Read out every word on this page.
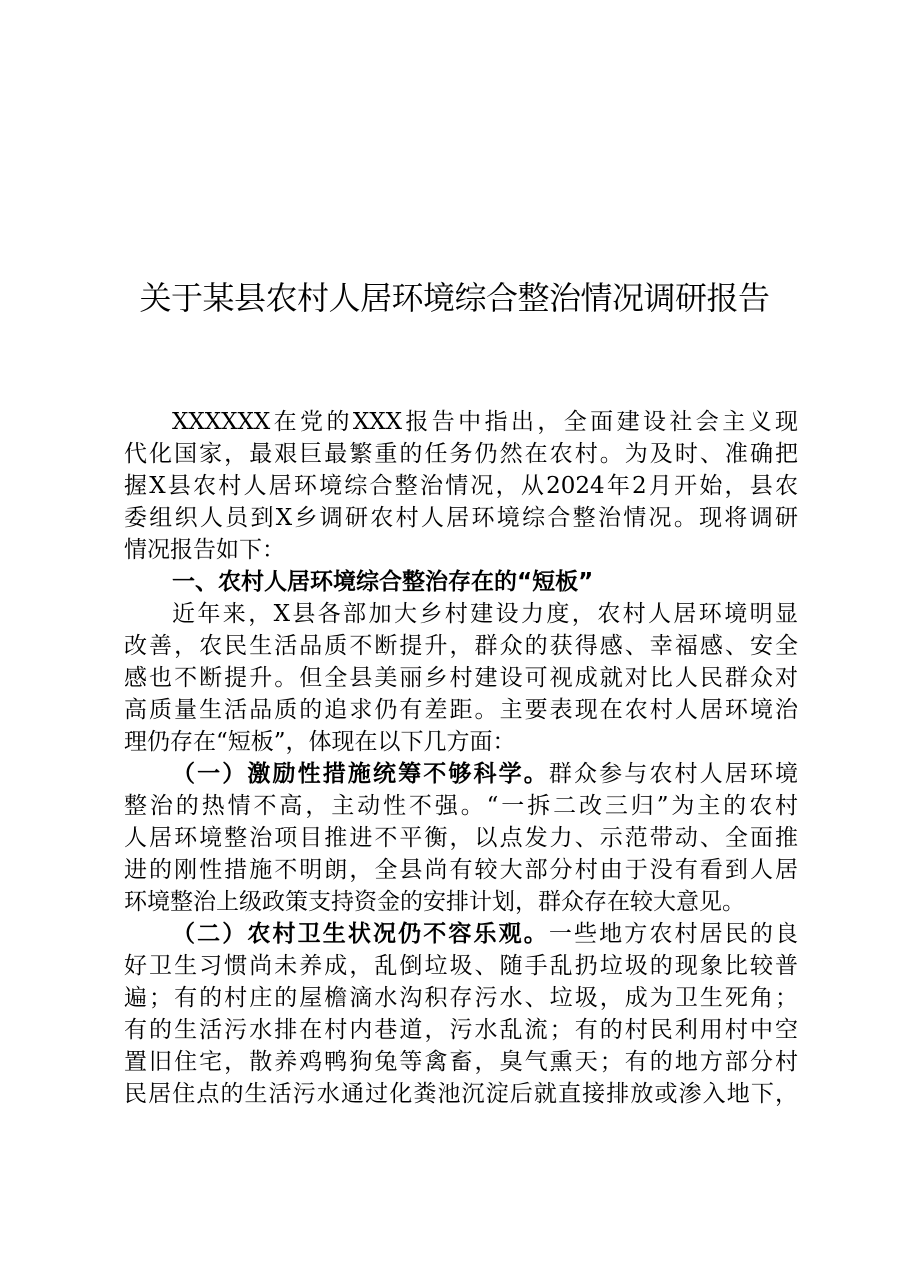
关于某县农村人居环境综合整治情况调研报告
XXXXXX在党的XXX报告中指出，全面建设社会主义现
代化国家，最艰巨最繁重的任务仍然在农村。为及时、准确把
握X县农村人居环境综合整治情况，从2024年2月开始，县农
委组织人员到X乡调研农村人居环境综合整治情况。现将调研
情况报告如下：
一、农村人居环境综合整治存在的“短板”
近年来，X县各部加大乡村建设力度，农村人居环境明显
改善，农民生活品质不断提升，群众的获得感、幸福感、安全
感也不断提升。但全县美丽乡村建设可视成就对比人民群众对
高质量生活品质的追求仍有差距。主要表现在农村人居环境治
理仍存在“短板”，体现在以下几方面：
（一）激励性措施统筹不够科学。群众参与农村人居环境
整治的热情不高，主动性不强。“一拆二改三归”为主的农村
人居环境整治项目推进不平衡，以点发力、示范带动、全面推
进的刚性措施不明朗，全县尚有较大部分村由于没有看到人居
环境整治上级政策支持资金的安排计划，群众存在较大意见。
（二）农村卫生状况仍不容乐观。一些地方农村居民的良
好卫生习惯尚未养成，乱倒垃圾、随手乱扔垃圾的现象比较普
遍；有的村庄的屋檐滴水沟积存污水、垃圾，成为卫生死角；
有的生活污水排在村内巷道，污水乱流；有的村民利用村中空
置旧住宅，散养鸡鸭狗兔等禽畜，臭气熏天；有的地方部分村
民居住点的生活污水通过化粪池沉淀后就直接排放或渗入地下，
